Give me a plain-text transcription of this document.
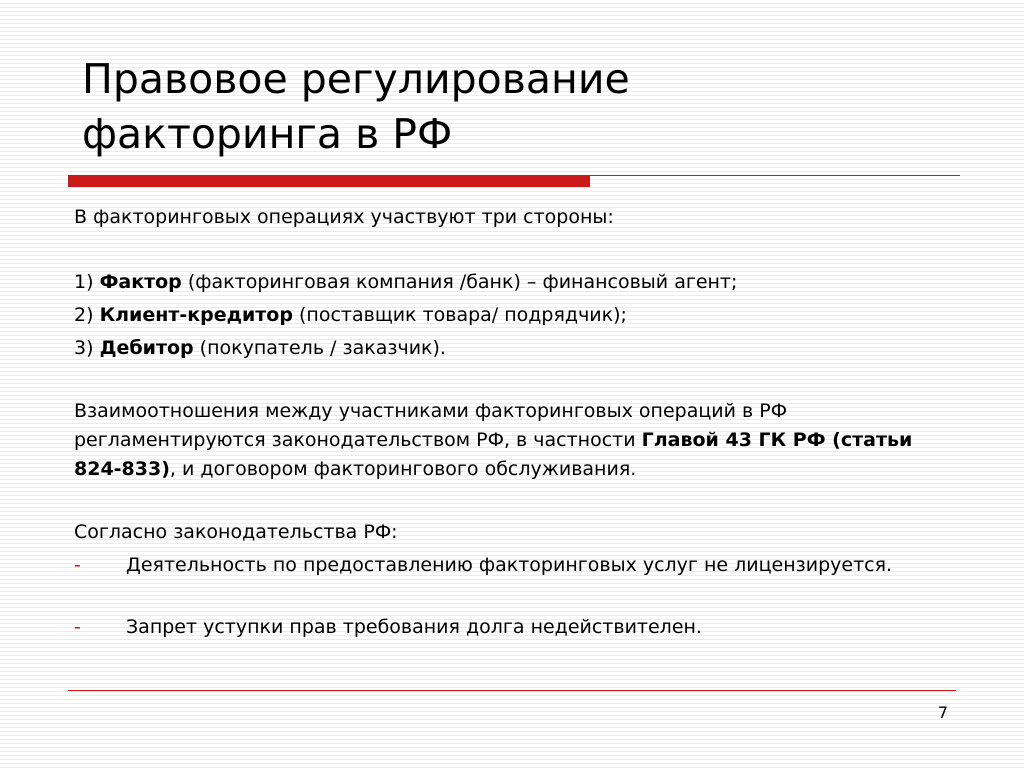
Правовое регулирование
факторинга в РФ
В факторинговых операциях участвуют три стороны:
1) Фактор (факторинговая компания /банк) – финансовый агент;
2) Клиент-кредитор (поставщик товара/ подрядчик);
3) Дебитор (покупатель / заказчик).
Взаимоотношения между участниками факторинговых операций в РФ регламентируются законодательством РФ, в частности Главой 43 ГК РФ (статьи 824-833), и договором факторингового обслуживания.
Согласно законодательства РФ:
- Деятельность по предоставлению факторинговых услуг не лицензируется.
- Запрет уступки прав требования долга недействителен.
7
